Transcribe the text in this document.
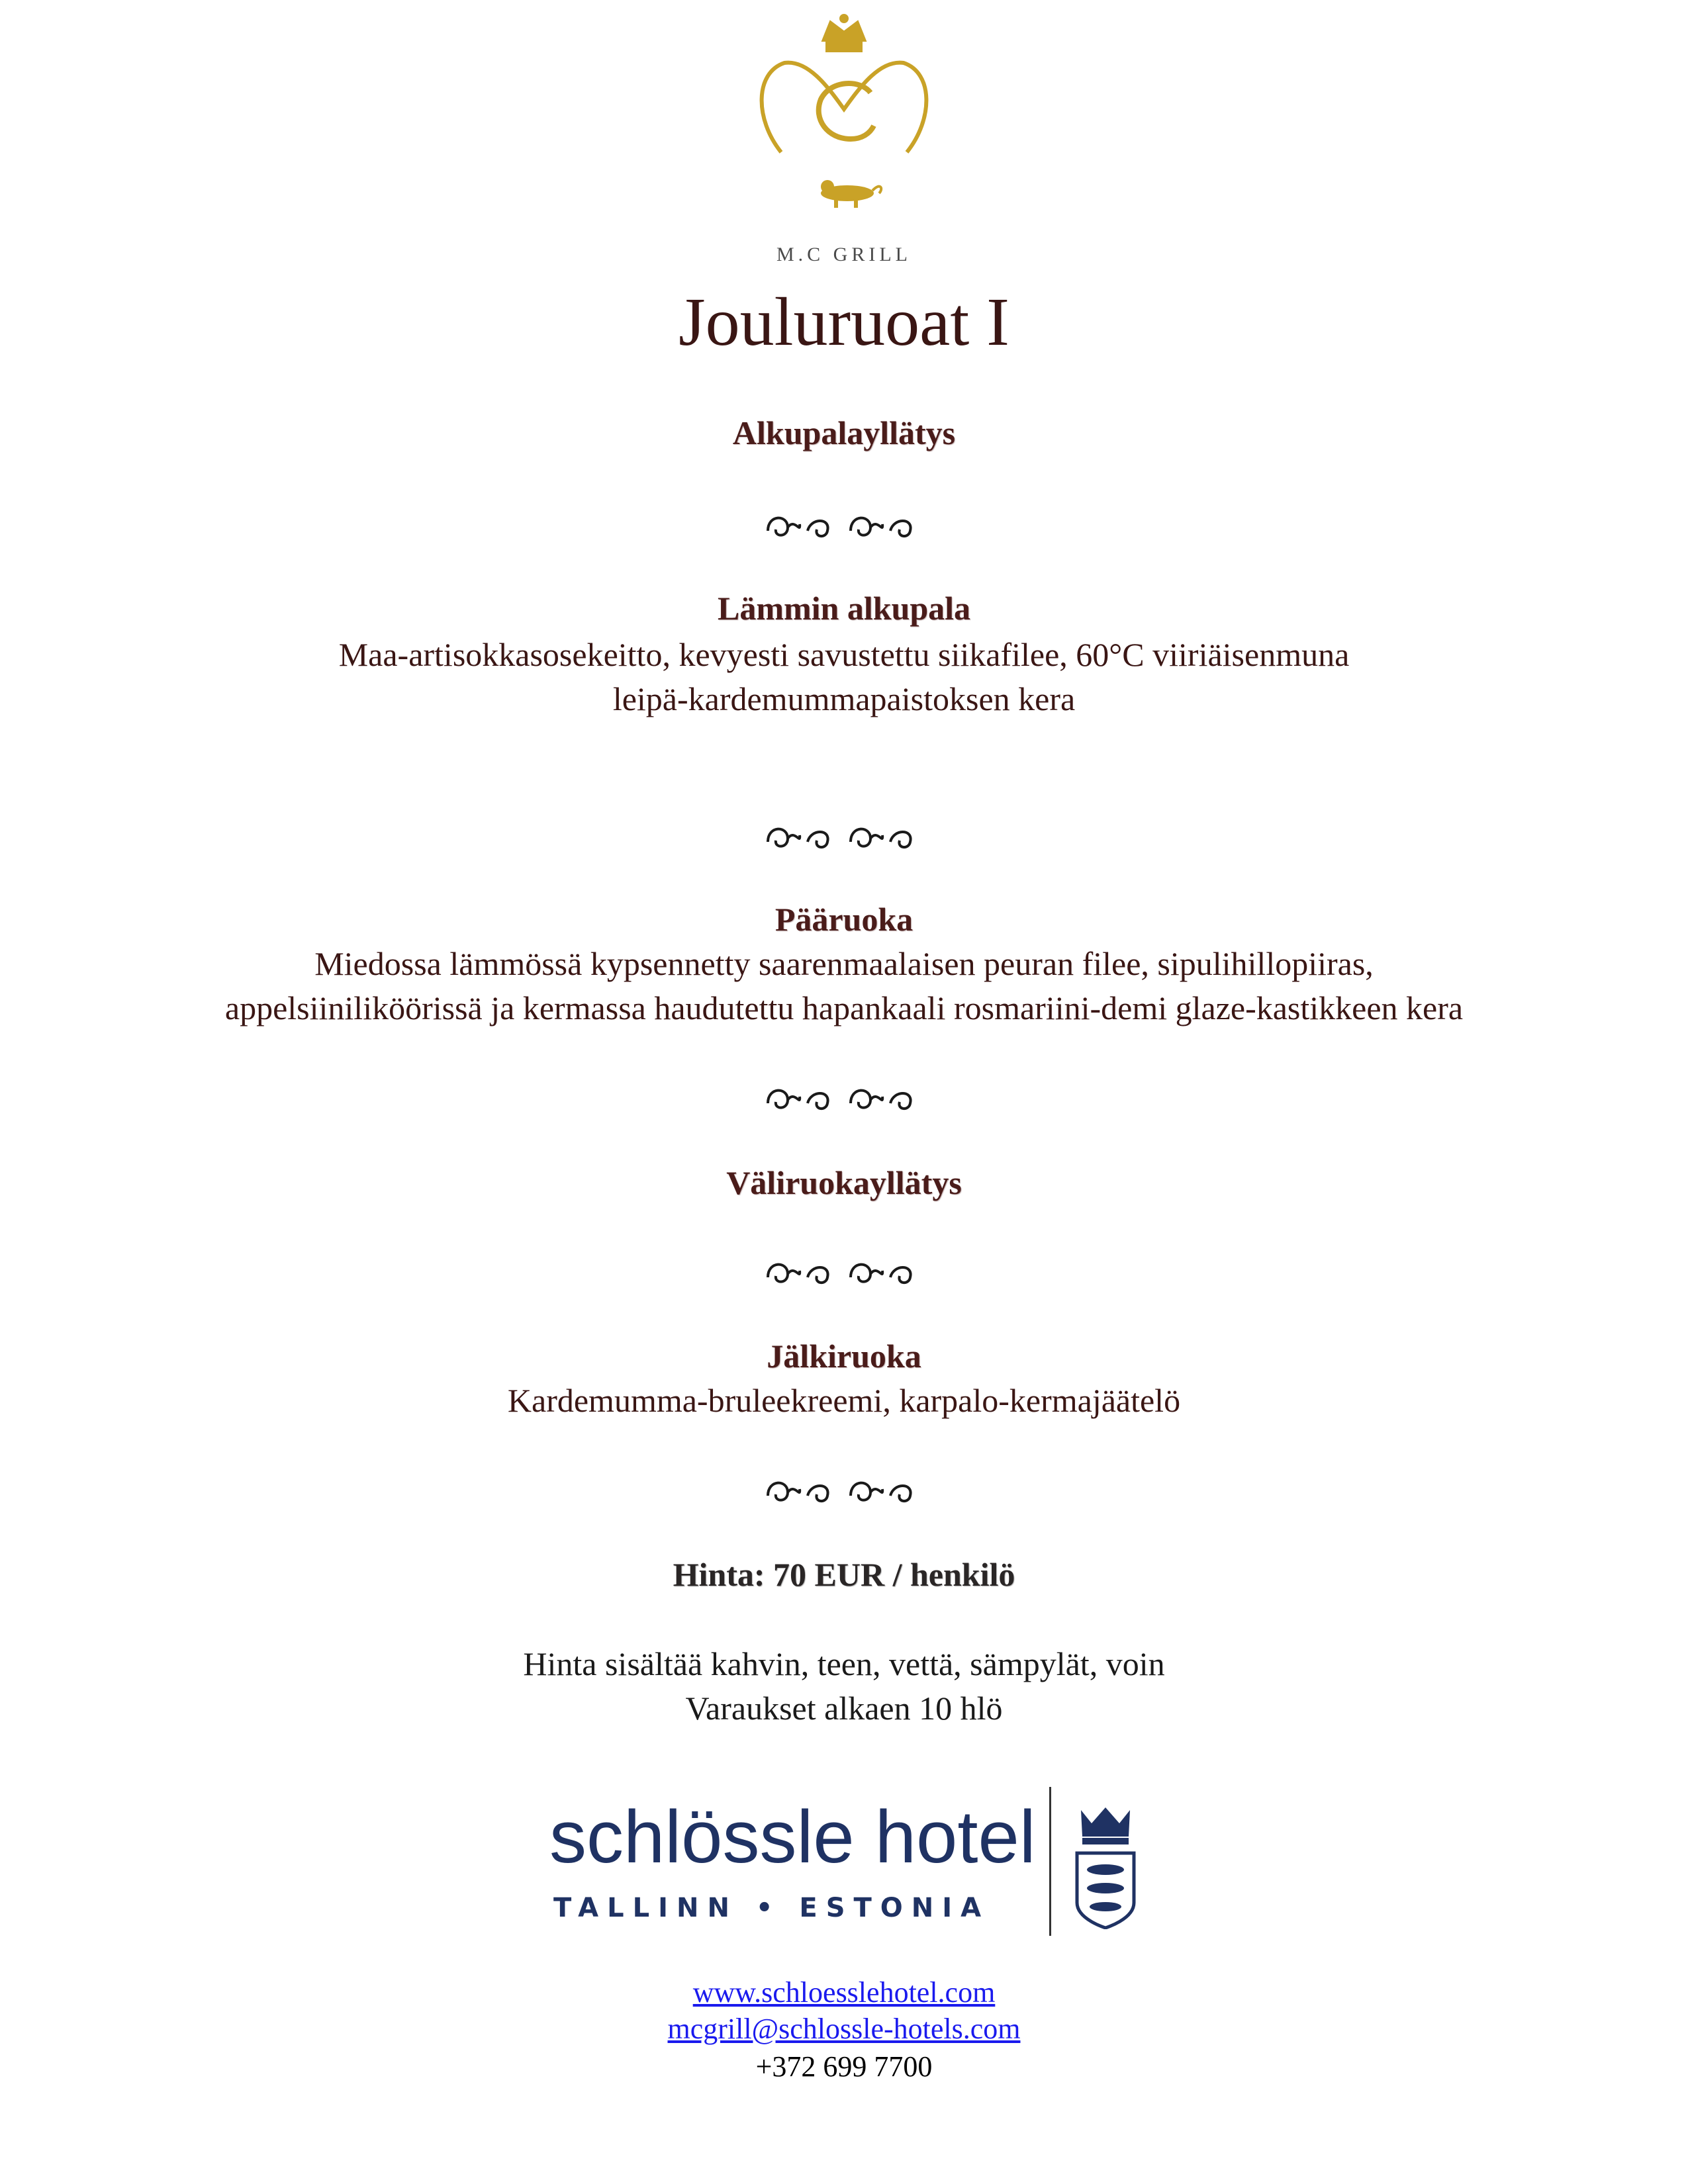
M.C GRILL
Jouluruoat I
Alkupalayllätys
Lämmin alkupala
Maa-artisokkasosekeitto, kevyesti savustettu siikafilee, 60°C viiriäisenmuna
leipä-kardemummapaistoksen kera
Pääruoka
Miedossa lämmössä kypsennetty saarenmaalaisen peuran filee, sipulihillopiiras,
appelsiiniliköörissä ja kermassa haudutettu hapankaali rosmariini-demi glaze-kastikkeen kera
Väliruokayllätys
Jälkiruoka
Kardemumma-bruleekreemi, karpalo-kermajäätelö
Hinta: 70 EUR / henkilö
Hinta sisältää kahvin, teen, vettä, sämpylät, voin
Varaukset alkaen 10 hlö
schlössle hotel
TALLINN • ESTONIA
www.schloesslehotel.com
mcgrill@schlossle-hotels.com
+372 699 7700
